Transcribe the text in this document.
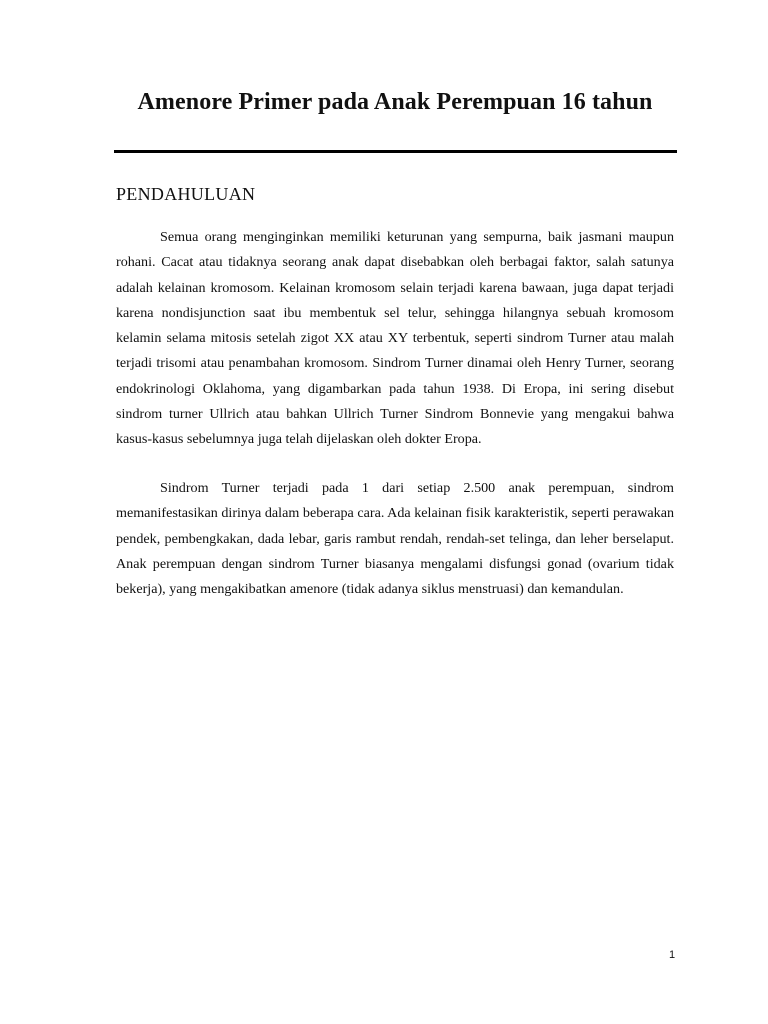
Amenore Primer pada Anak Perempuan 16 tahun
PENDAHULUAN

Semua orang menginginkan memiliki keturunan yang sempurna, baik jasmani maupun rohani. Cacat atau tidaknya seorang anak dapat disebabkan oleh berbagai faktor, salah satunya adalah kelainan kromosom. Kelainan kromosom selain terjadi karena bawaan, juga dapat terjadi karena nondisjunction saat ibu membentuk sel telur, sehingga hilangnya sebuah kromosom kelamin selama mitosis setelah zigot XX atau XY terbentuk, seperti sindrom Turner atau malah terjadi trisomi atau penambahan kromosom. Sindrom Turner dinamai oleh Henry Turner, seorang endokrinologi Oklahoma, yang digambarkan pada tahun 1938. Di Eropa, ini sering disebut sindrom turner Ullrich atau bahkan Ullrich Turner Sindrom Bonnevie yang mengakui bahwa kasus-kasus sebelumnya juga telah dijelaskan oleh dokter Eropa.

Sindrom Turner terjadi pada 1 dari setiap 2.500 anak perempuan, sindrom memanifestasikan dirinya dalam beberapa cara. Ada kelainan fisik karakteristik, seperti perawakan pendek, pembengkakan, dada lebar, garis rambut rendah, rendah-set telinga, dan leher berselaput. Anak perempuan dengan sindrom Turner biasanya mengalami disfungsi gonad (ovarium tidak bekerja), yang mengakibatkan amenore (tidak adanya siklus menstruasi) dan kemandulan.

1
